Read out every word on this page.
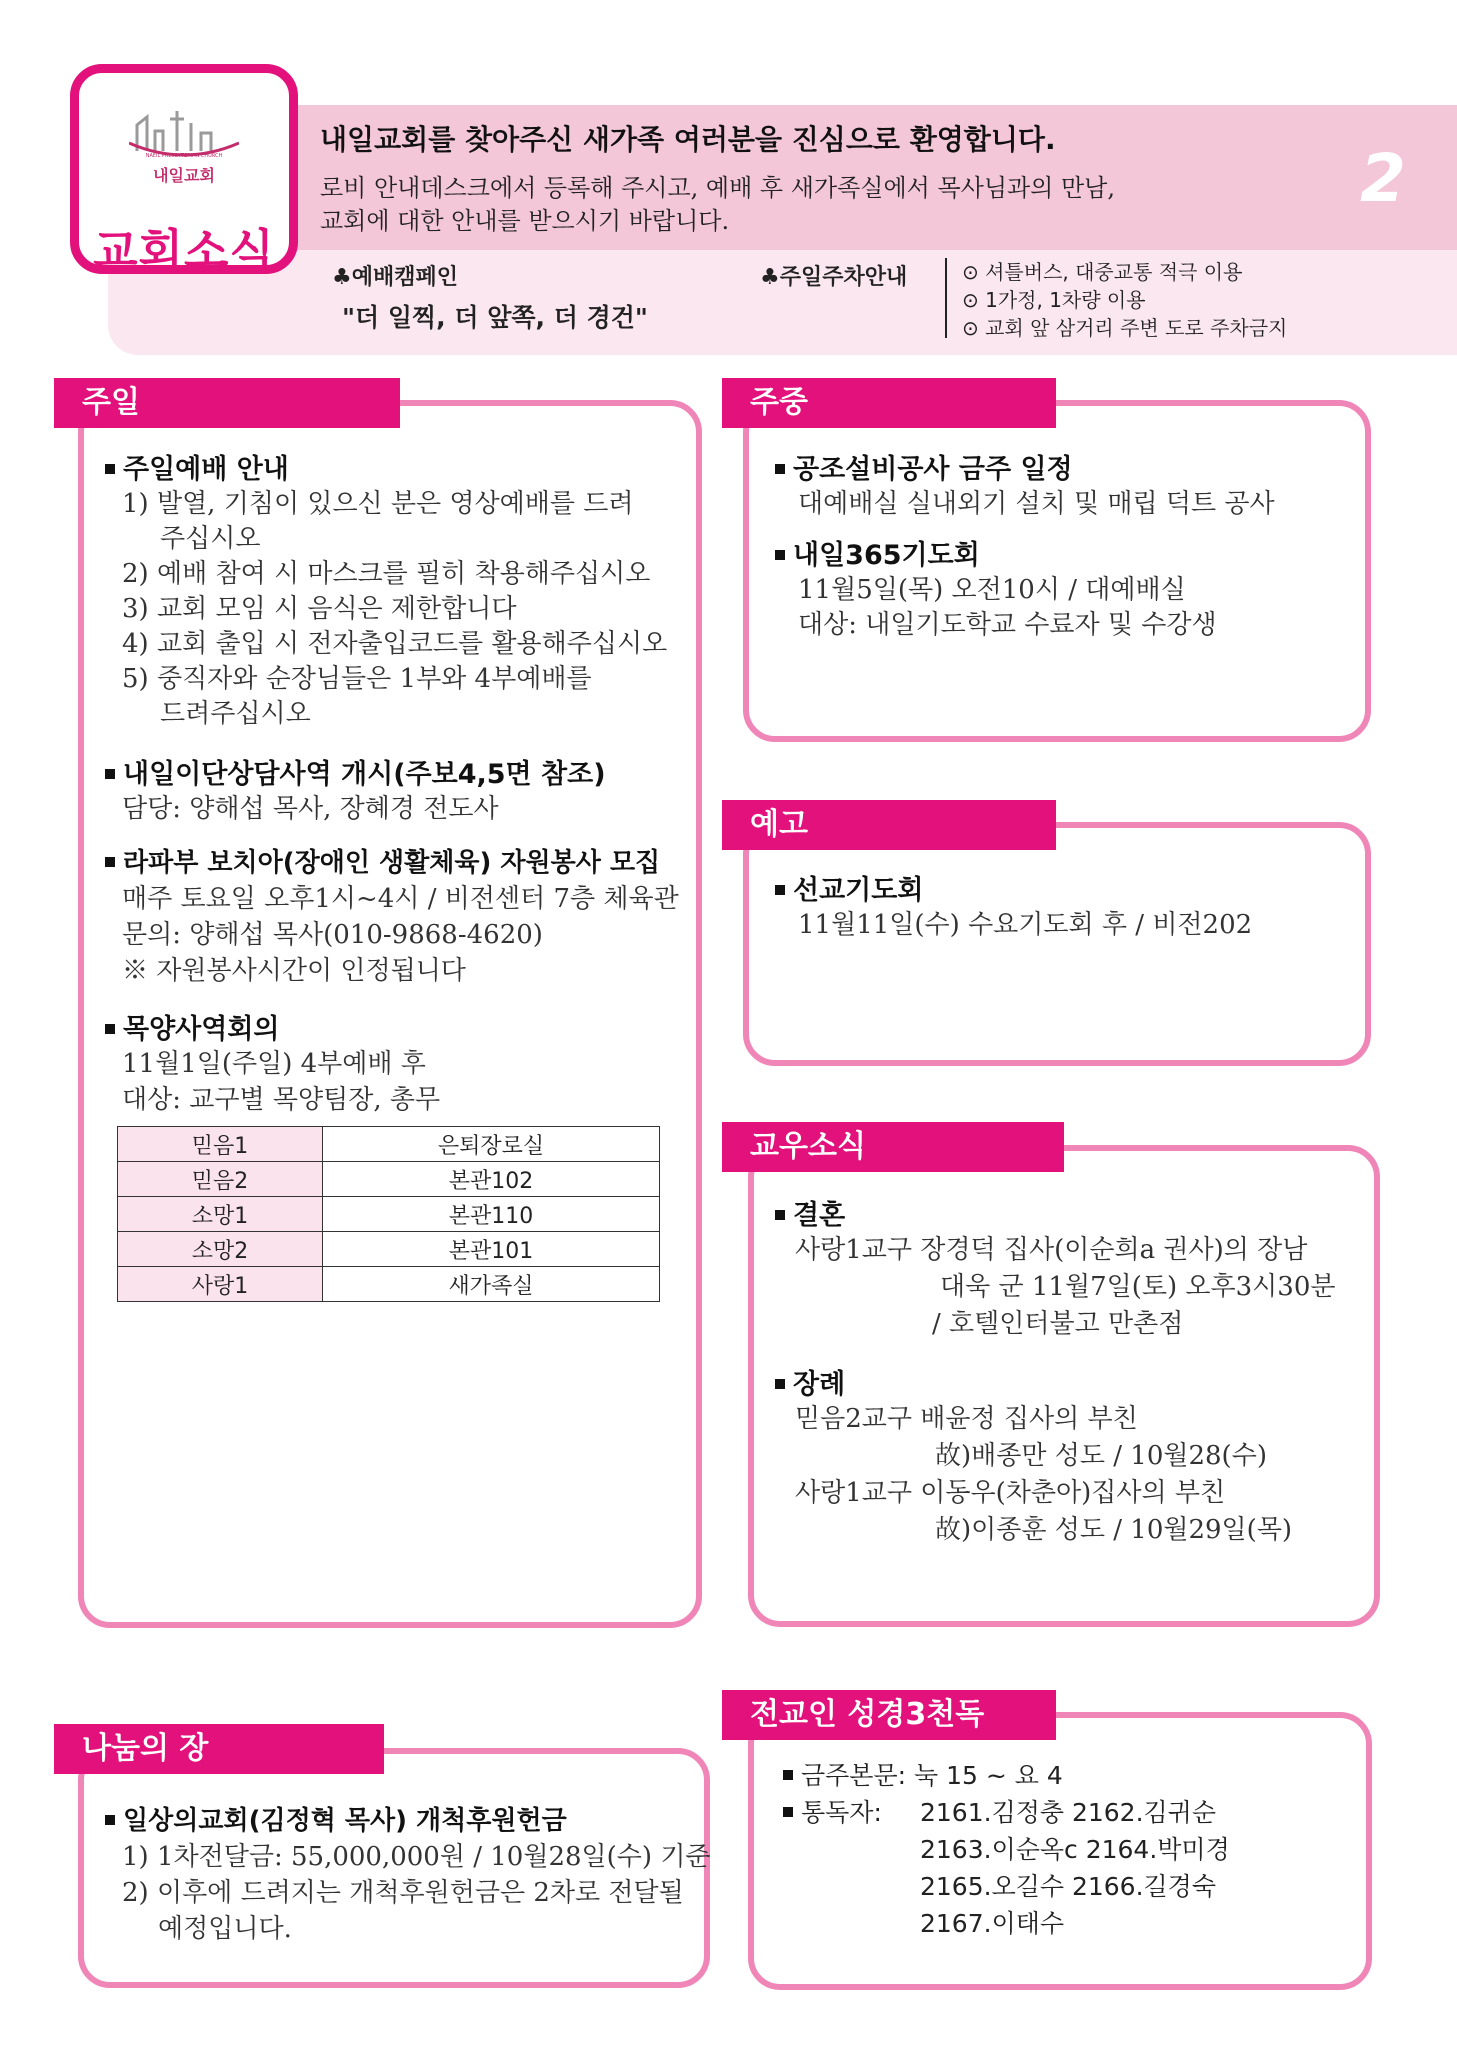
NAEIL PRESBYTERIAN CHURCH
내일교회
교회소식
내일교회를 찾아주신 새가족 여러분을 진심으로 환영합니다.
로비 안내데스크에서 등록해 주시고, 예배 후 새가족실에서 목사님과의 만남,
교회에 대한 안내를 받으시기 바랍니다.
2
♣예배캠페인
"더 일찍, 더 앞쪽, 더 경건"
♣주일주차안내	⊙ 셔틀버스, 대중교통 적극 이용
⊙ 1가정, 1차량 이용
⊙ 교회 앞 삼거리 주변 도로 주차금지
주일
주일예배 안내
1) 발열, 기침이 있으신 분은 영상예배를 드려
주십시오
2) 예배 참여 시 마스크를 필히 착용해주십시오
3) 교회 모임 시 음식은 제한합니다
4) 교회 출입 시 전자출입코드를 활용해주십시오
5) 중직자와 순장님들은 1부와 4부예배를
드려주십시오
내일이단상담사역 개시(주보4,5면 참조)
담당: 양해섭 목사, 장혜경 전도사
라파부 보치아(장애인 생활체육) 자원봉사 모집
매주 토요일 오후1시~4시 / 비전센터 7층 체육관
문의: 양해섭 목사(010-9868-4620)
※ 자원봉사시간이 인정됩니다
목양사역회의
11월1일(주일) 4부예배 후
대상: 교구별 목양팀장, 총무
믿음1	은퇴장로실
믿음2	본관102
소망1	본관110
소망2	본관101
사랑1	새가족실
주중
공조설비공사 금주 일정
대예배실 실내외기 설치 및 매립 덕트 공사
내일365기도회
11월5일(목) 오전10시 / 대예배실
대상: 내일기도학교 수료자 및 수강생
예고
선교기도회
11월11일(수) 수요기도회 후 / 비전202
교우소식
결혼
사랑1교구 장경덕 집사(이순희a 권사)의 장남
대욱 군 11월7일(토) 오후3시30분
/ 호텔인터불고 만촌점
장례
믿음2교구 배윤정 집사의 부친
故)배종만 성도 / 10월28(수)
사랑1교구 이동우(차춘아)집사의 부친
故)이종훈 성도 / 10월29일(목)
나눔의 장
일상의교회(김정혁 목사) 개척후원헌금
1) 1차전달금: 55,000,000원 / 10월28일(수) 기준
2) 이후에 드려지는 개척후원헌금은 2차로 전달될
예정입니다.
전교인 성경3천독
금주본문: 눅 15 ~ 요 4
통독자: 2161.김정충 2162.김귀순
2163.이순옥c 2164.박미경
2165.오길수 2166.길경숙
2167.이태수
